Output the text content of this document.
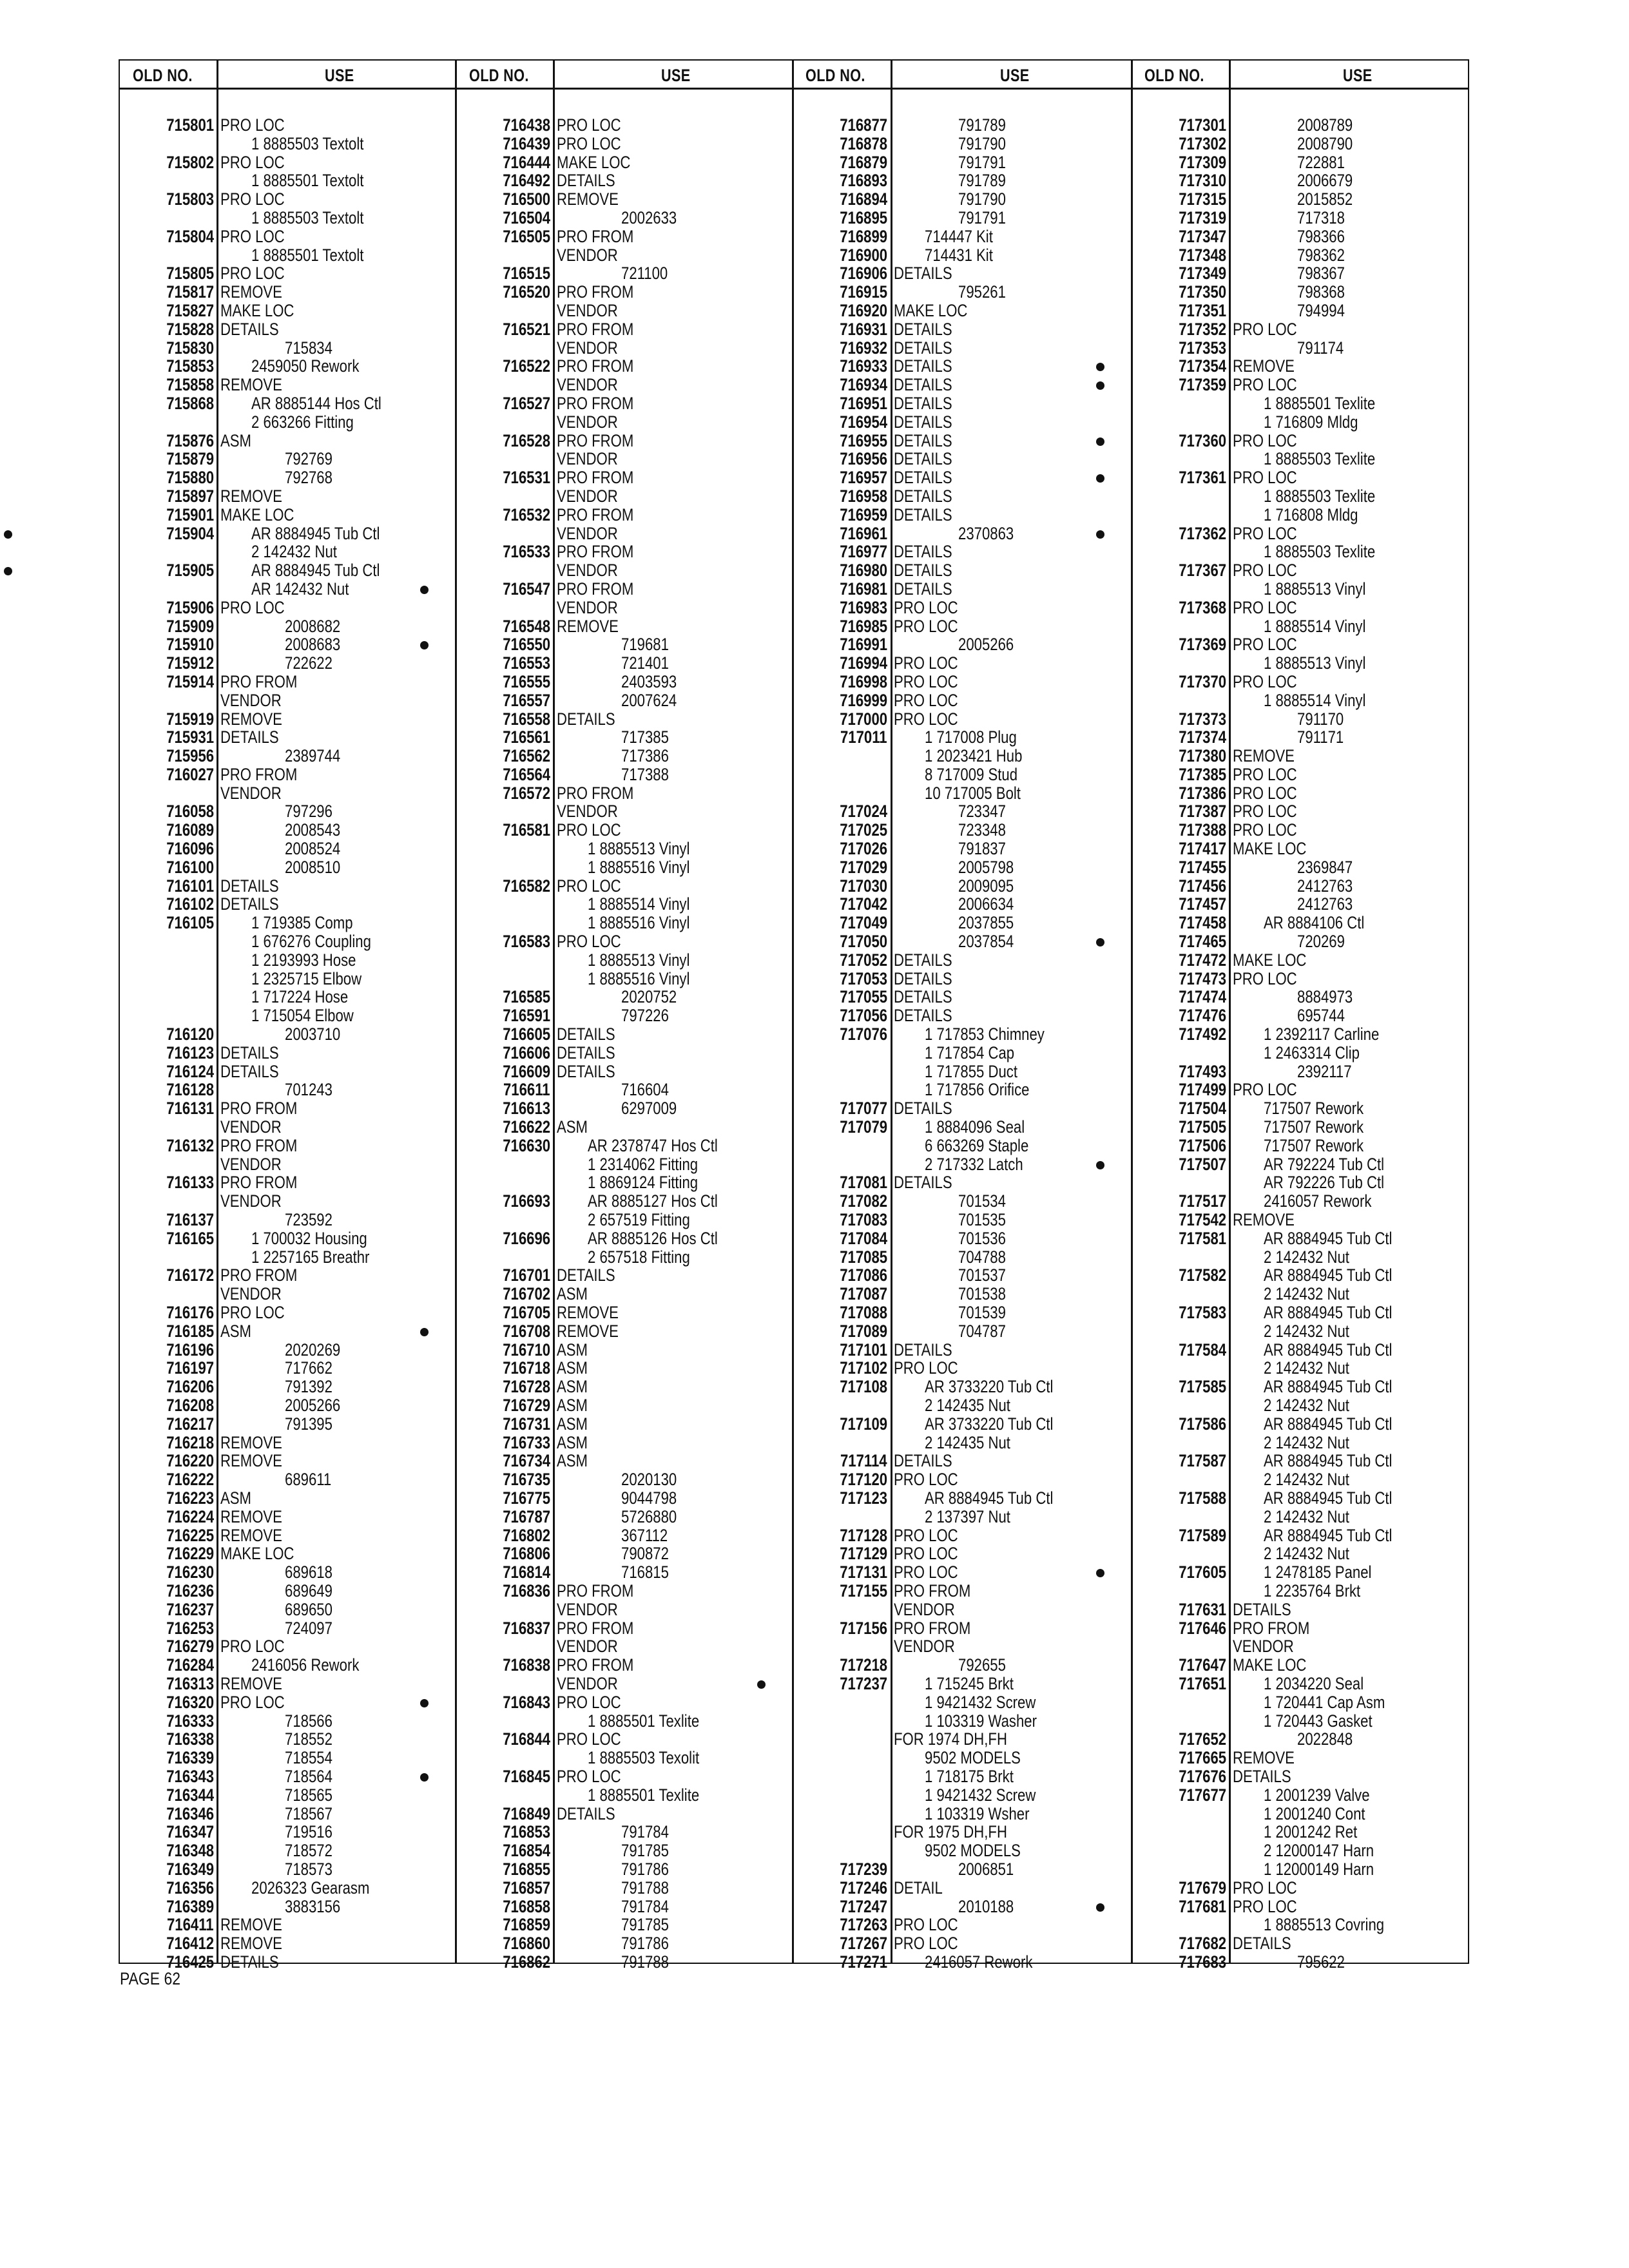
OLD NO.	USE	OLD NO.	USE	OLD NO.	USE	OLD NO.	USE
715801 PRO LOC
1 8885503 Textolt
715802 PRO LOC
1 8885501 Textolt
715803 PRO LOC
1 8885503 Textolt
715804 PRO LOC
1 8885501 Textolt
715805 PRO LOC
715817 REMOVE
715827 MAKE LOC
715828 DETAILS
715830	715834
715853 2459050 Rework
715858 REMOVE
715868 AR 8885144 Hos Ctl
2 663266 Fitting
715876 ASM
715879	792769
715880	792768
715897 REMOVE
715901 MAKE LOC
715904 AR 8884945 Tub Ctl
2 142432 Nut
715905 AR 8884945 Tub Ctl
AR 142432 Nut
715906 PRO LOC
715909	2008682
715910	2008683
715912	722622
715914 PRO FROM
VENDOR
715919 REMOVE
715931 DETAILS
715956	2389744
716027 PRO FROM
VENDOR
716058	797296
716089	2008543
716096	2008524
716100	2008510
716101 DETAILS
716102 DETAILS
716105 1 719385 Comp
1 676276 Coupling
1 2193993 Hose
1 2325715 Elbow
1 717224 Hose
1 715054 Elbow
716120	2003710
716123 DETAILS
716124 DETAILS
716128	701243
716131 PRO FROM
VENDOR
716132 PRO FROM
VENDOR
716133 PRO FROM
VENDOR
716137	723592
716165 1 700032 Housing
1 2257165 Breathr
716172 PRO FROM
VENDOR
716176 PRO LOC
716185 ASM
716196	2020269
716197	717662
716206	791392
716208	2005266
716217	791395
716218 REMOVE
716220 REMOVE
716222	689611
716223 ASM
716224 REMOVE
716225 REMOVE
716229 MAKE LOC
716230	689618
716236	689649
716237	689650
716253	724097
716279 PRO LOC
716284 2416056 Rework
716313 REMOVE
716320 PRO LOC
716333	718566
716338	718552
716339	718554
716343	718564
716344	718565
716346	718567
716347	719516
716348	718572
716349	718573
716356 2026323 Gearasm
716389	3883156
716411 REMOVE
716412 REMOVE
716425 DETAILS
716438 PRO LOC
716439 PRO LOC
716444 MAKE LOC
716492 DETAILS
716500 REMOVE
716504	2002633
716505 PRO FROM
VENDOR
716515	721100
716520 PRO FROM
VENDOR
716521 PRO FROM
VENDOR
716522 PRO FROM
VENDOR
716527 PRO FROM
VENDOR
716528 PRO FROM
VENDOR
716531 PRO FROM
VENDOR
716532 PRO FROM
VENDOR
716533 PRO FROM
VENDOR
716547 PRO FROM
VENDOR
716548 REMOVE
716550	719681
716553	721401
716555	2403593
716557	2007624
716558 DETAILS
716561	717385
716562	717386
716564	717388
716572 PRO FROM
VENDOR
716581 PRO LOC
1 8885513 Vinyl
1 8885516 Vinyl
716582 PRO LOC
1 8885514 Vinyl
1 8885516 Vinyl
716583 PRO LOC
1 8885513 Vinyl
1 8885516 Vinyl
716585	2020752
716591	797226
716605 DETAILS
716606 DETAILS
716609 DETAILS
716611	716604
716613	6297009
716622 ASM
716630 AR 2378747 Hos Ctl
1 2314062 Fitting
1 8869124 Fitting
716693 AR 8885127 Hos Ctl
2 657519 Fitting
716696 AR 8885126 Hos Ctl
2 657518 Fitting
716701 DETAILS
716702 ASM
716705 REMOVE
716708 REMOVE
716710 ASM
716718 ASM
716728 ASM
716729 ASM
716731 ASM
716733 ASM
716734 ASM
716735	2020130
716775	9044798
716787	5726880
716802	367112
716806	790872
716814	716815
716836 PRO FROM
VENDOR
716837 PRO FROM
VENDOR
716838 PRO FROM
VENDOR
716843 PRO LOC
1 8885501 Texlite
716844 PRO LOC
1 8885503 Texolit
716845 PRO LOC
1 8885501 Texlite
716849 DETAILS
716853	791784
716854	791785
716855	791786
716857	791788
716858	791784
716859	791785
716860	791786
716862	791788
716877	791789
716878	791790
716879	791791
716893	791789
716894	791790
716895	791791
716899 714447 Kit
716900 714431 Kit
716906 DETAILS
716915	795261
716920 MAKE LOC
716931 DETAILS
716932 DETAILS
716933 DETAILS
716934 DETAILS
716951 DETAILS
716954 DETAILS
716955 DETAILS
716956 DETAILS
716957 DETAILS
716958 DETAILS
716959 DETAILS
716961	2370863
716977 DETAILS
716980 DETAILS
716981 DETAILS
716983 PRO LOC
716985 PRO LOC
716991	2005266
716994 PRO LOC
716998 PRO LOC
716999 PRO LOC
717000 PRO LOC
717011 1 717008 Plug
1 2023421 Hub
8 717009 Stud
10 717005 Bolt
717024	723347
717025	723348
717026	791837
717029	2005798
717030	2009095
717042	2006634
717049	2037855
717050	2037854
717052 DETAILS
717053 DETAILS
717055 DETAILS
717056 DETAILS
717076 1 717853 Chimney
1 717854 Cap
1 717855 Duct
1 717856 Orifice
717077 DETAILS
717079 1 8884096 Seal
6 663269 Staple
2 717332 Latch
717081 DETAILS
717082	701534
717083	701535
717084	701536
717085	704788
717086	701537
717087	701538
717088	701539
717089	704787
717101 DETAILS
717102 PRO LOC
717108 AR 3733220 Tub Ctl
2 142435 Nut
717109 AR 3733220 Tub Ctl
2 142435 Nut
717114 DETAILS
717120 PRO LOC
717123 AR 8884945 Tub Ctl
2 137397 Nut
717128 PRO LOC
717129 PRO LOC
717131 PRO LOC
717155 PRO FROM
VENDOR
717156 PRO FROM
VENDOR
717218	792655
717237 1 715245 Brkt
1 9421432 Screw
1 103319 Washer
FOR 1974 DH,FH
9502 MODELS
1 718175 Brkt
1 9421432 Screw
1 103319 Wsher
FOR 1975 DH,FH
9502 MODELS
717239	2006851
717246 DETAIL
717247	2010188
717263 PRO LOC
717267 PRO LOC
717271 2416057 Rework
717301	2008789
717302	2008790
717309	722881
717310	2006679
717315	2015852
717319	717318
717347	798366
717348	798362
717349	798367
717350	798368
717351	794994
717352 PRO LOC
717353	791174
717354 REMOVE
717359 PRO LOC
1 8885501 Texlite
1 716809 Mldg
717360 PRO LOC
1 8885503 Texlite
717361 PRO LOC
1 8885503 Texlite
1 716808 Mldg
717362 PRO LOC
1 8885503 Texlite
717367 PRO LOC
1 8885513 Vinyl
717368 PRO LOC
1 8885514 Vinyl
717369 PRO LOC
1 8885513 Vinyl
717370 PRO LOC
1 8885514 Vinyl
717373	791170
717374	791171
717380 REMOVE
717385 PRO LOC
717386 PRO LOC
717387 PRO LOC
717388 PRO LOC
717417 MAKE LOC
717455	2369847
717456	2412763
717457	2412763
717458 AR 8884106 Ctl
717465	720269
717472 MAKE LOC
717473 PRO LOC
717474	8884973
717476	695744
717492 1 2392117 Carline
1 2463314 Clip
717493	2392117
717499 PRO LOC
717504 717507 Rework
717505 717507 Rework
717506 717507 Rework
717507 AR 792224 Tub Ctl
AR 792226 Tub Ctl
717517 2416057 Rework
717542 REMOVE
717581 AR 8884945 Tub Ctl
2 142432 Nut
717582 AR 8884945 Tub Ctl
2 142432 Nut
717583 AR 8884945 Tub Ctl
2 142432 Nut
717584 AR 8884945 Tub Ctl
2 142432 Nut
717585 AR 8884945 Tub Ctl
2 142432 Nut
717586 AR 8884945 Tub Ctl
2 142432 Nut
717587 AR 8884945 Tub Ctl
2 142432 Nut
717588 AR 8884945 Tub Ctl
2 142432 Nut
717589 AR 8884945 Tub Ctl
2 142432 Nut
717605 1 2478185 Panel
1 2235764 Brkt
717631 DETAILS
717646 PRO FROM
VENDOR
717647 MAKE LOC
717651 1 2034220 Seal
1 720441 Cap Asm
1 720443 Gasket
717652	2022848
717665 REMOVE
717676 DETAILS
717677 1 2001239 Valve
1 2001240 Cont
1 2001242 Ret
2 12000147 Harn
1 12000149 Harn
717679 PRO LOC
717681 PRO LOC
1 8885513 Covring
717682 DETAILS
717683	795622
PAGE 62
